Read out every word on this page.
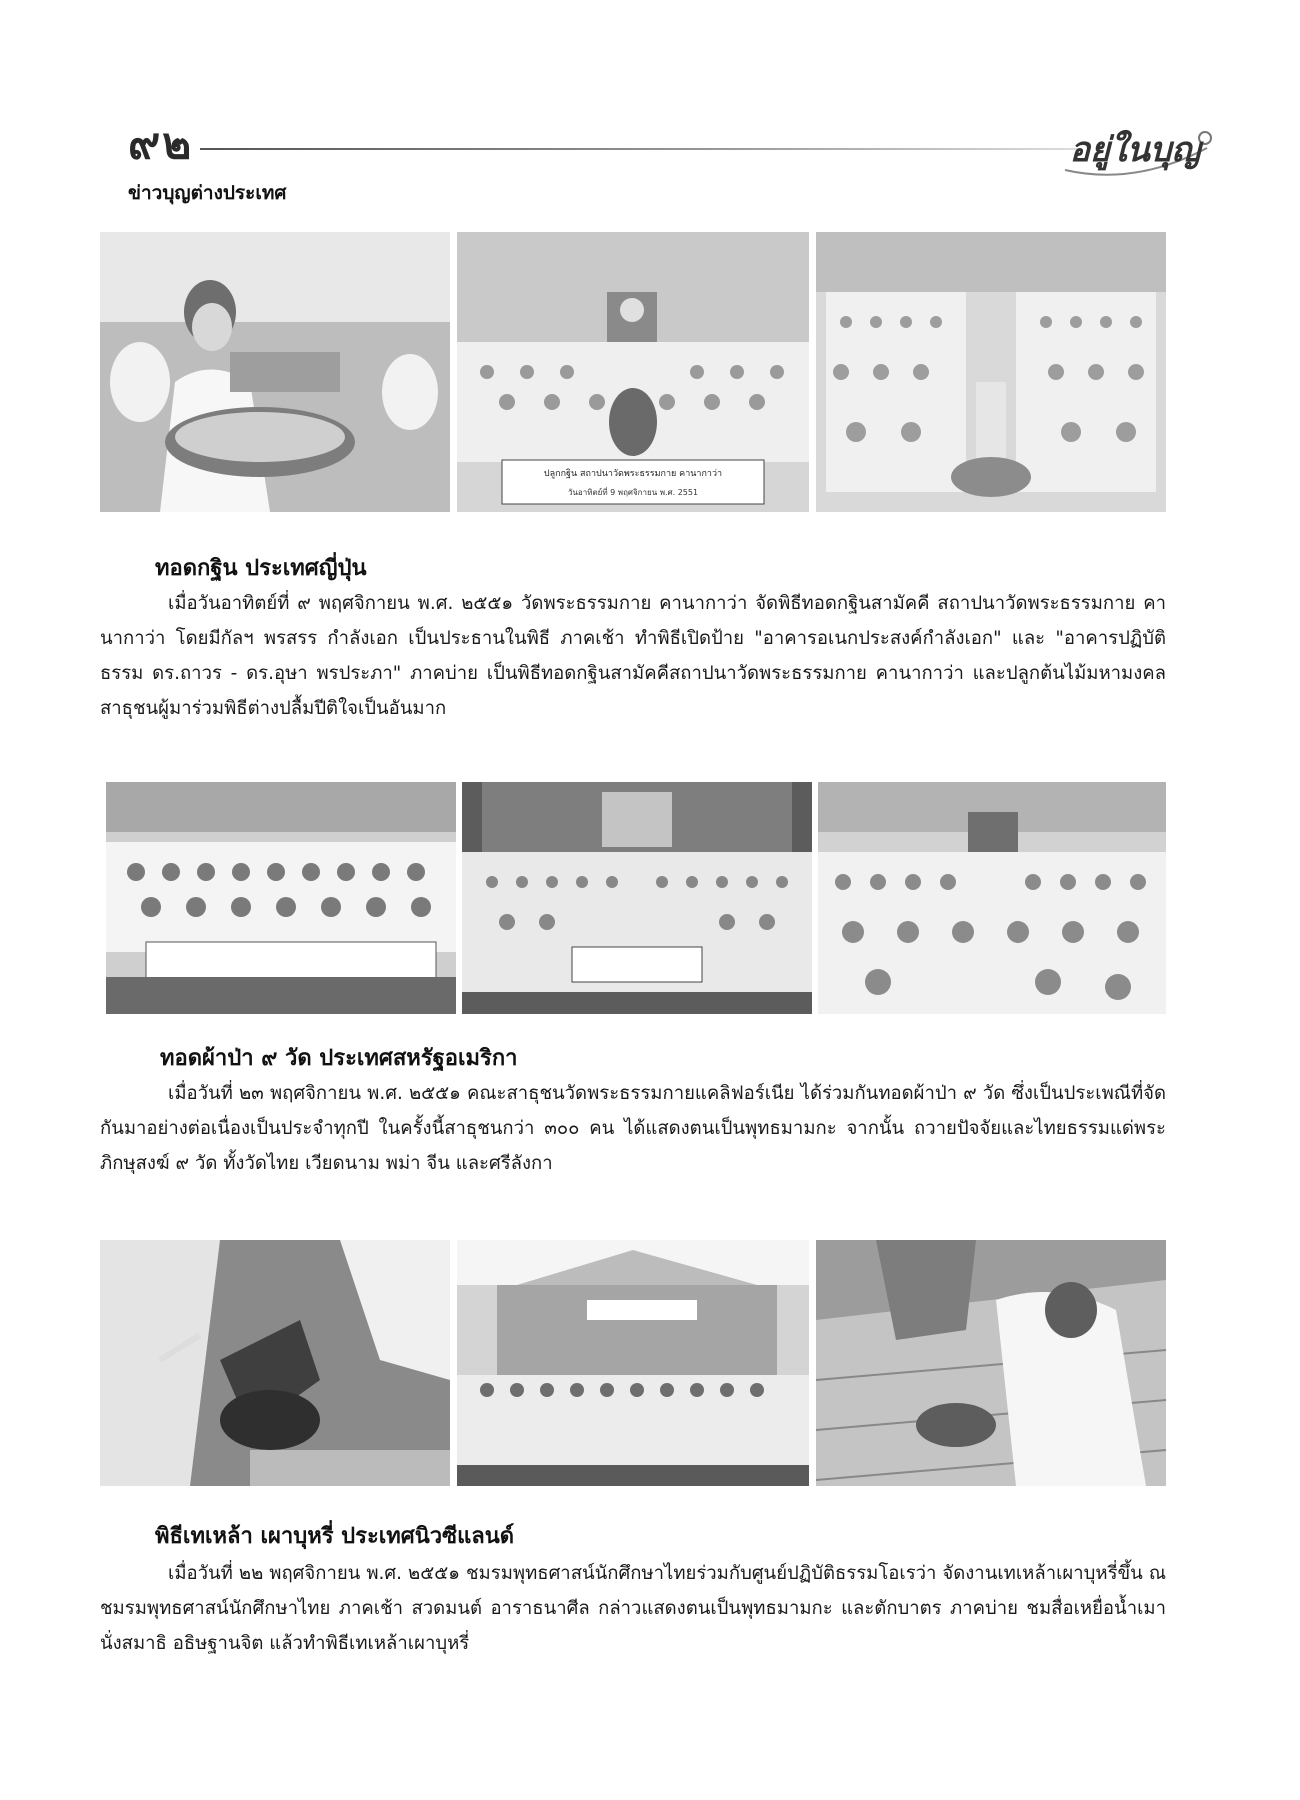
๙๒	อยู่ในบุญ
ข่าวบุญต่างประเทศ
ปลูกกฐิน สถาปนาวัดพระธรรมกาย คานากาว่า
วันอาทิตย์ที่ 9 พฤศจิกายน พ.ศ. 2551
ทอดกฐิน ประเทศญี่ปุ่น

เมื่อวันอาทิตย์ที่ ๙ พฤศจิกายน พ.ศ. ๒๕๕๑ วัดพระธรรมกาย คานากาว่า จัดพิธีทอดกฐินสามัคคี สถาปนาวัดพระธรรมกาย คานากาว่า โดยมีกัลฯ พรสรร กำลังเอก เป็นประธานในพิธี ภาคเช้า ทำพิธีเปิดป้าย "อาคารอเนกประสงค์กำลังเอก" และ "อาคารปฏิบัติธรรม ดร.ถาวร - ดร.อุษา พรประภา" ภาคบ่าย เป็นพิธีทอดกฐินสามัคคีสถาปนาวัดพระธรรมกาย คานากาว่า และปลูกต้นไม้มหามงคล สาธุชนผู้มาร่วมพิธีต่างปลื้มปีติใจเป็นอันมาก

ทอดผ้าป่า ๙ วัด ประเทศสหรัฐอเมริกา

เมื่อวันที่ ๒๓ พฤศจิกายน พ.ศ. ๒๕๕๑ คณะสาธุชนวัดพระธรรมกายแคลิฟอร์เนีย ได้ร่วมกันทอดผ้าป่า ๙ วัด ซึ่งเป็นประเพณีที่จัดกันมาอย่างต่อเนื่องเป็นประจำทุกปี ในครั้งนี้สาธุชนกว่า ๓๐๐ คน ได้แสดงตนเป็นพุทธมามกะ จากนั้น ถวายปัจจัยและไทยธรรมแด่พระภิกษุสงฆ์ ๙ วัด ทั้งวัดไทย เวียดนาม พม่า จีน และศรีลังกา

พิธีเทเหล้า เผาบุหรี่ ประเทศนิวซีแลนด์

เมื่อวันที่ ๒๒ พฤศจิกายน พ.ศ. ๒๕๕๑ ชมรมพุทธศาสน์นักศึกษาไทยร่วมกับศูนย์ปฏิบัติธรรมโอเรว่า จัดงานเทเหล้าเผาบุหรี่ขึ้น ณ ชมรมพุทธศาสน์นักศึกษาไทย ภาคเช้า สวดมนต์ อาราธนาศีล กล่าวแสดงตนเป็นพุทธมามกะ และตักบาตร ภาคบ่าย ชมสื่อเหยื่อน้ำเมา นั่งสมาธิ อธิษฐานจิต แล้วทำพิธีเทเหล้าเผาบุหรี่
